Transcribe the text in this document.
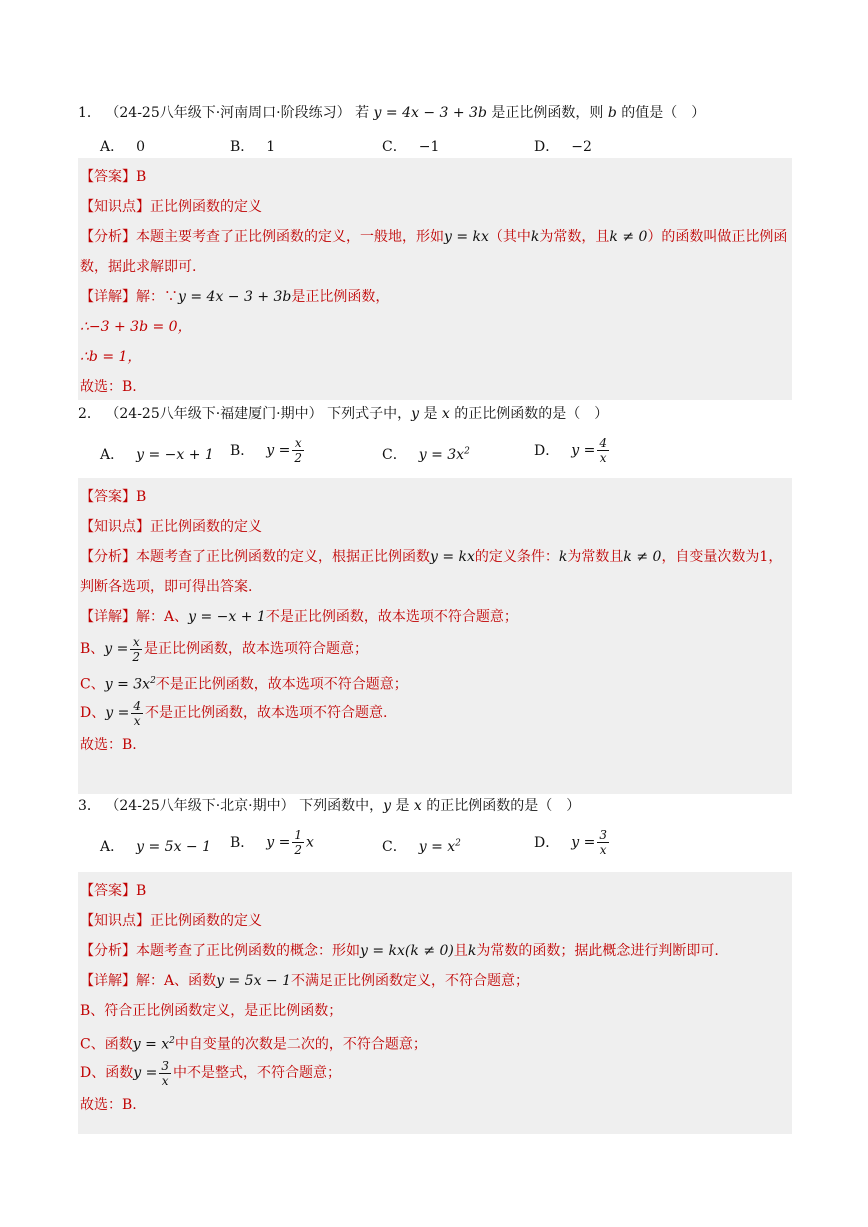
1． （24-25八年级下·河南周口·阶段练习） 若 y = 4x − 3 + 3b 是正比例函数，则 b 的值是（　）
A． 0	B． 1	C． −1	D． −2
【答案】B
【知识点】正比例函数的定义
【分析】本题主要考查了正比例函数的定义，一般地，形如y = kx（其中k为常数，且k ≠ 0）的函数叫做正比例函数，据此求解即可.
【详解】解：∵y = 4x − 3 + 3b是正比例函数，
∴−3 + 3b = 0，
∴b = 1，
故选：B.
2． （24-25八年级下·福建厦门·期中） 下列式子中，y 是 x 的正比例函数的是（　）
A． y = −x + 1 B． $y = \frac{x}{2}$	C． $y = 3x^2$	D． $y = \frac{4}{x}$
【答案】B
【知识点】正比例函数的定义
【分析】本题考查了正比例函数的定义，根据正比例函数y = kx的定义条件：k为常数且k ≠ 0，自变量次数为1，判断各选项，即可得出答案.
【详解】解：A、y = −x + 1不是正比例函数，故本选项不符合题意；
B、$y = \frac{x}{2}$ 是正比例函数，故本选项符合题意；
C、$y = 3x^2$不是正比例函数，故本选项不符合题意；
D、$y = \frac{4}{x}$ 不是正比例函数，故本选项不符合题意.
故选：B.
3． （24-25八年级下·北京·期中） 下列函数中，y 是 x 的正比例函数的是（　）
A． y = 5x − 1 B． $y = \frac{1}{2}$ x	C． $y = x^2$	D． $y = \frac{3}{x}$
【答案】B
【知识点】正比例函数的定义
【分析】本题考查了正比例函数的概念：形如y = kx(k ≠ 0)且k为常数的函数；据此概念进行判断即可.
【详解】解：A、函数y = 5x − 1不满足正比例函数定义，不符合题意；
B、符合正比例函数定义，是正比例函数；
C、函数$y = x^2$中自变量的次数是二次的，不符合题意；
D、函数$y = \frac{3}{x}$ 中不是整式，不符合题意；
故选：B.
